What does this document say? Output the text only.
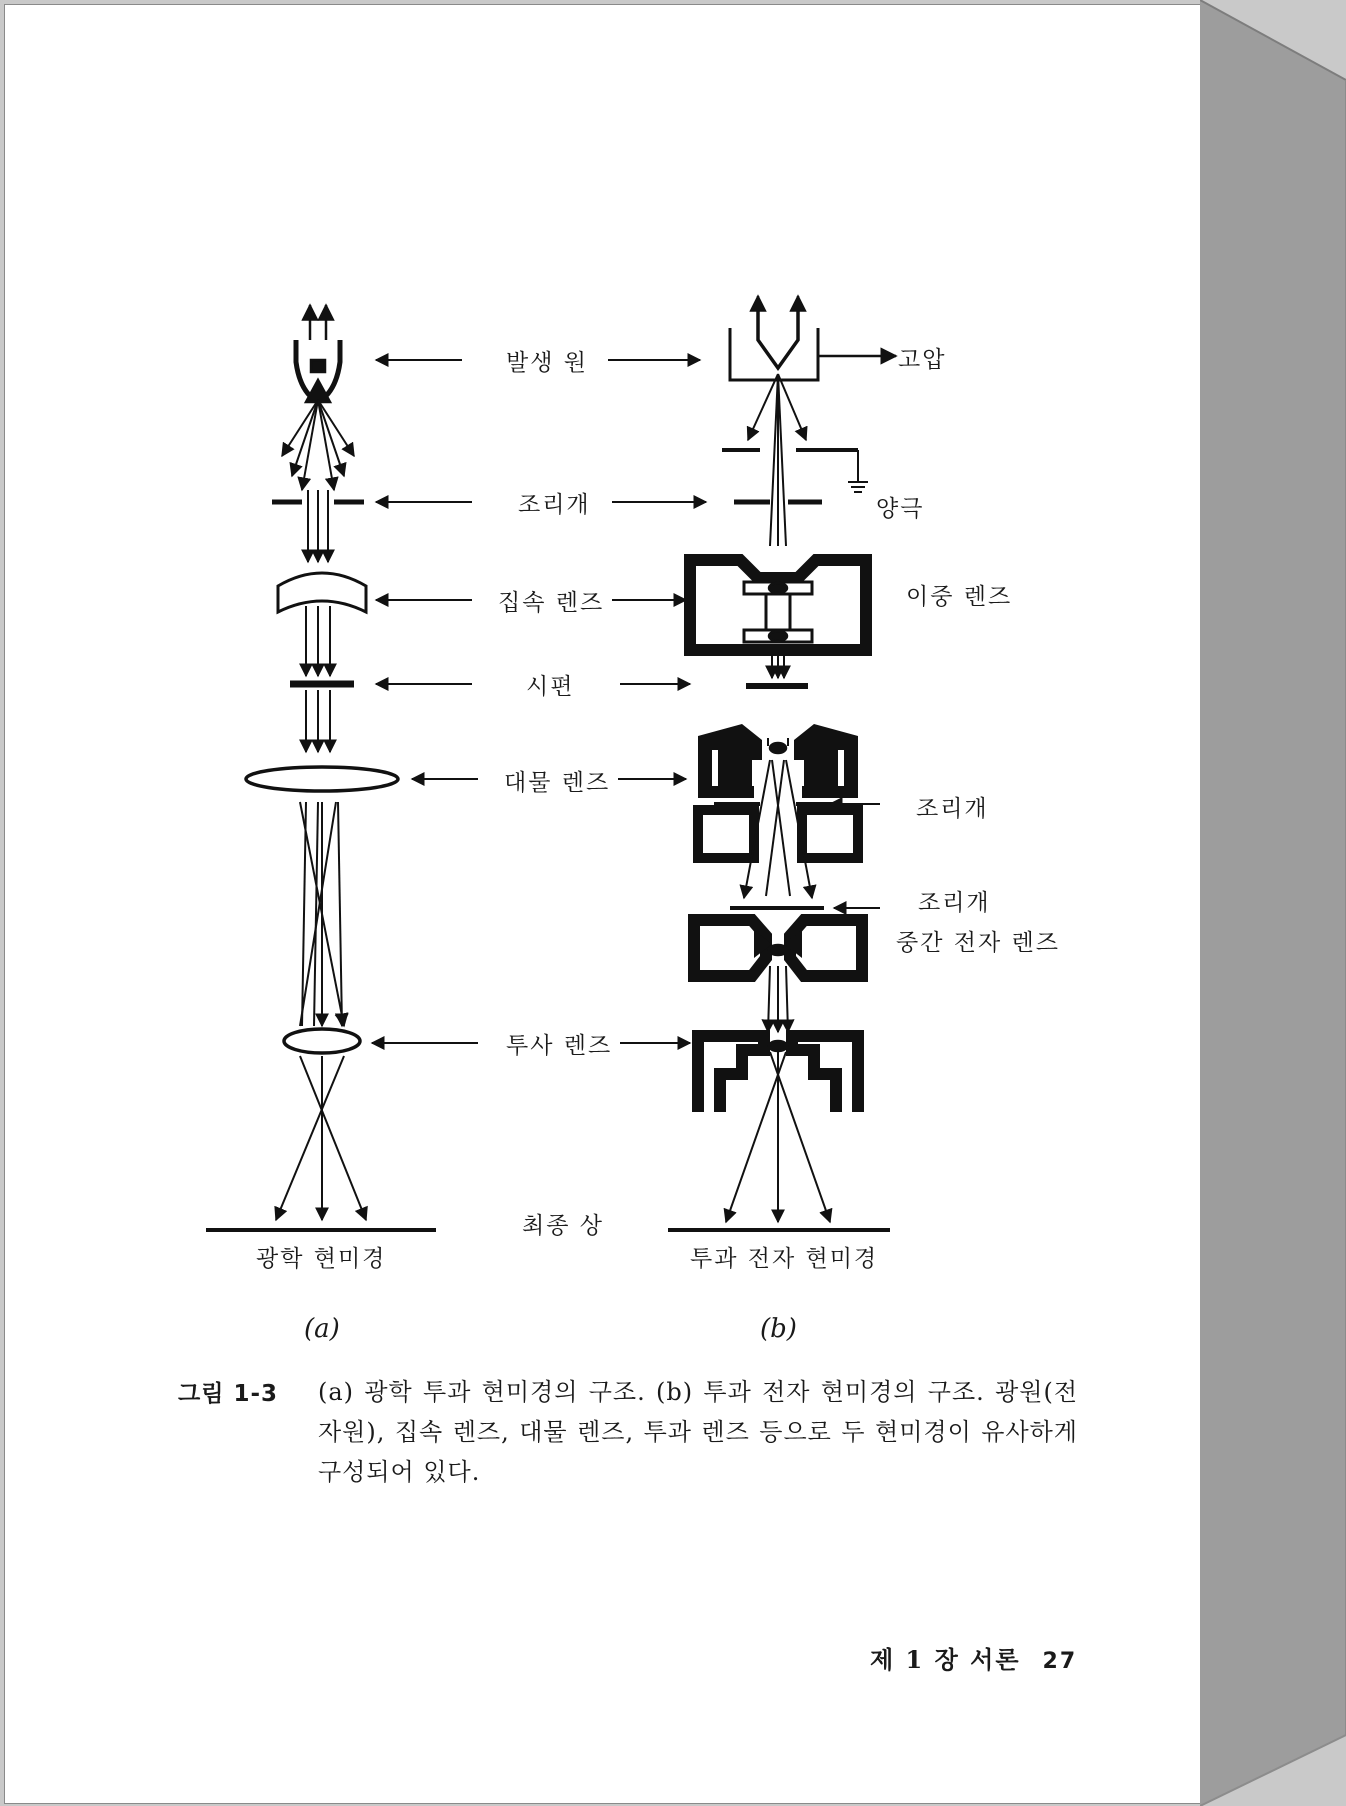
발생 원
조리개
집속 렌즈
시편
대물 렌즈
투사 렌즈
최종 상
고압
양극
이중 렌즈
조리개
조리개
중간 전자 렌즈
광학 현미경	투과 전자 현미경
(a)	(b)
그림 1-3 (a) 광학 투과 현미경의 구조. (b) 투과 전자 현미경의 구조. 광원(전자원), 집속 렌즈, 대물 렌즈, 투과 렌즈 등으로 두 현미경이 유사하게 구성되어 있다.
제 1 장 서론 27
